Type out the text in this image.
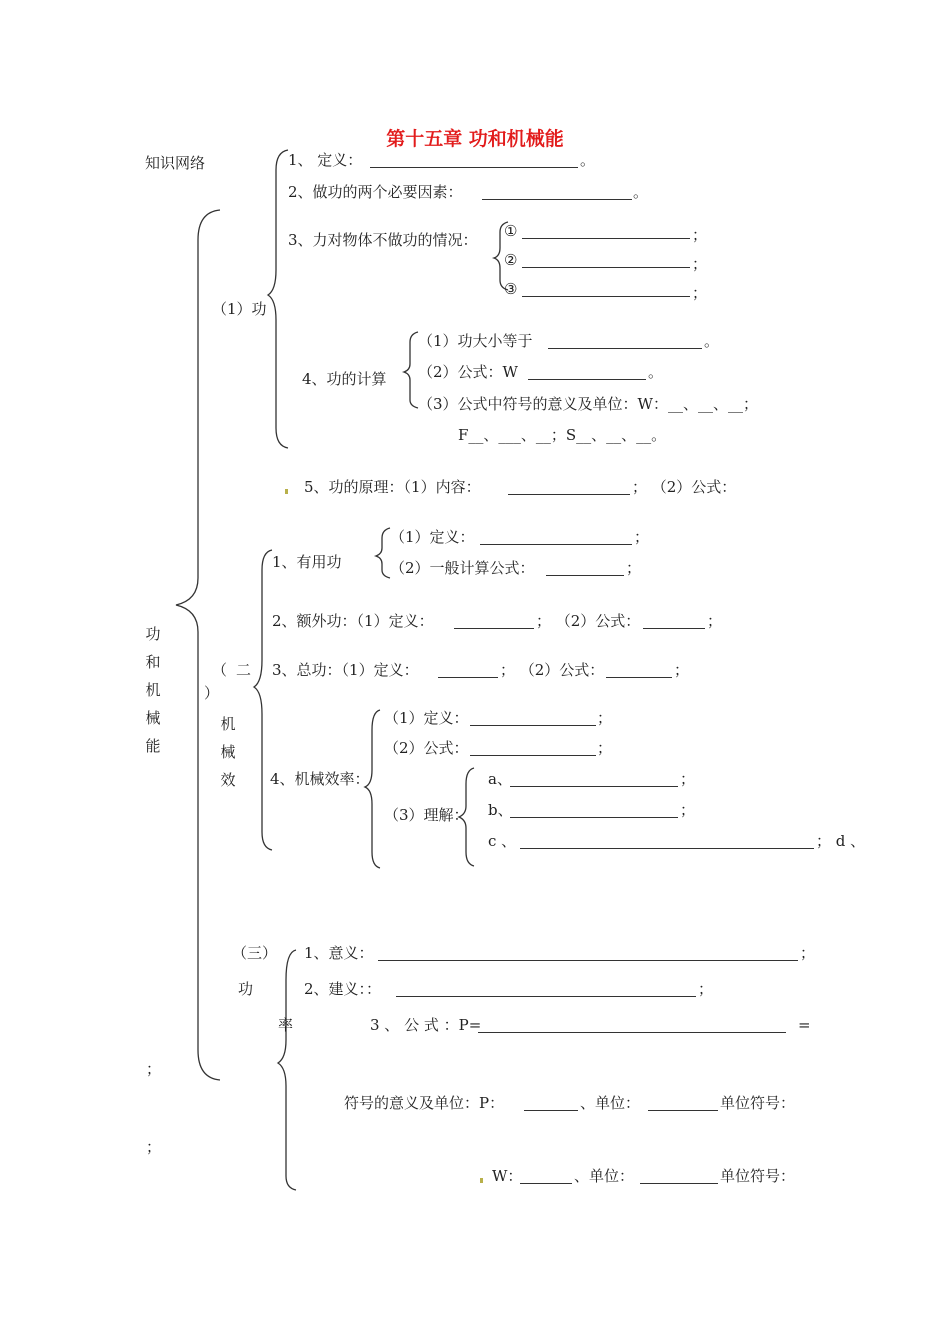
第十五章 功和机械能
知识网络
功和机械能
；
；
（1）功
1、 定义：	。
2、做功的两个必要因素：	。
3、力对物体不做功的情况： ①	；
②	；
③	；
4、功的计算
（1）功大小等于	。
（2）公式：W	。
（3）公式中符号的意义及单位：W：__、__、__；
F__、___、__；S__、__、__。
5、功的原理：（1）内容：	； （2）公式：
（ 二
）
机械效
1、有用功
（1）定义：	；
（2）一般计算公式：	；
2、额外功：（1）定义：	； （2）公式：	；
3、总功：（1）定义：	； （2）公式：	；
4、机械效率：
（1）定义：	；
（2）公式：	；
（3）理解：
a、	；
b、	；
c 、	； d 、
（三）
功
率
1、意义：	；
2、建义：：	；
3 、 公 式 ：P=	=
符号的意义及单位：P：	、单位：	单位符号：
W：	、单位：	单位符号：
